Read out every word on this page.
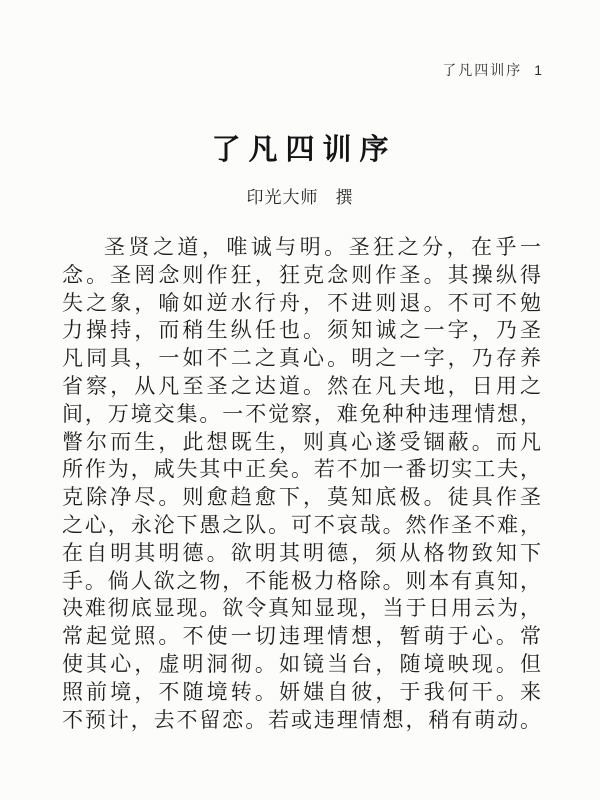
了凡四训序 1
了凡四训序
印光大师 撰
圣贤之道，唯诚与明。圣狂之分，在乎一
念。圣罔念则作狂，狂克念则作圣。其操纵得
失之象，喻如逆水行舟，不进则退。不可不勉
力操持，而稍生纵任也。须知诚之一字，乃圣
凡同具，一如不二之真心。明之一字，乃存养
省察，从凡至圣之达道。然在凡夫地，日用之
间，万境交集。一不觉察，难免种种违理情想，
瞥尔而生，此想既生，则真心遂受锢蔽。而凡
所作为，咸失其中正矣。若不加一番切实工夫，
克除净尽。则愈趋愈下，莫知底极。徒具作圣
之心，永沦下愚之队。可不哀哉。然作圣不难，
在自明其明德。欲明其明德，须从格物致知下
手。倘人欲之物，不能极力格除。则本有真知，
决难彻底显现。欲令真知显现，当于日用云为，
常起觉照。不使一切违理情想，暂萌于心。常
使其心，虚明洞彻。如镜当台，随境映现。但
照前境，不随境转。妍媸自彼，于我何干。来
不预计，去不留恋。若或违理情想，稍有萌动。
